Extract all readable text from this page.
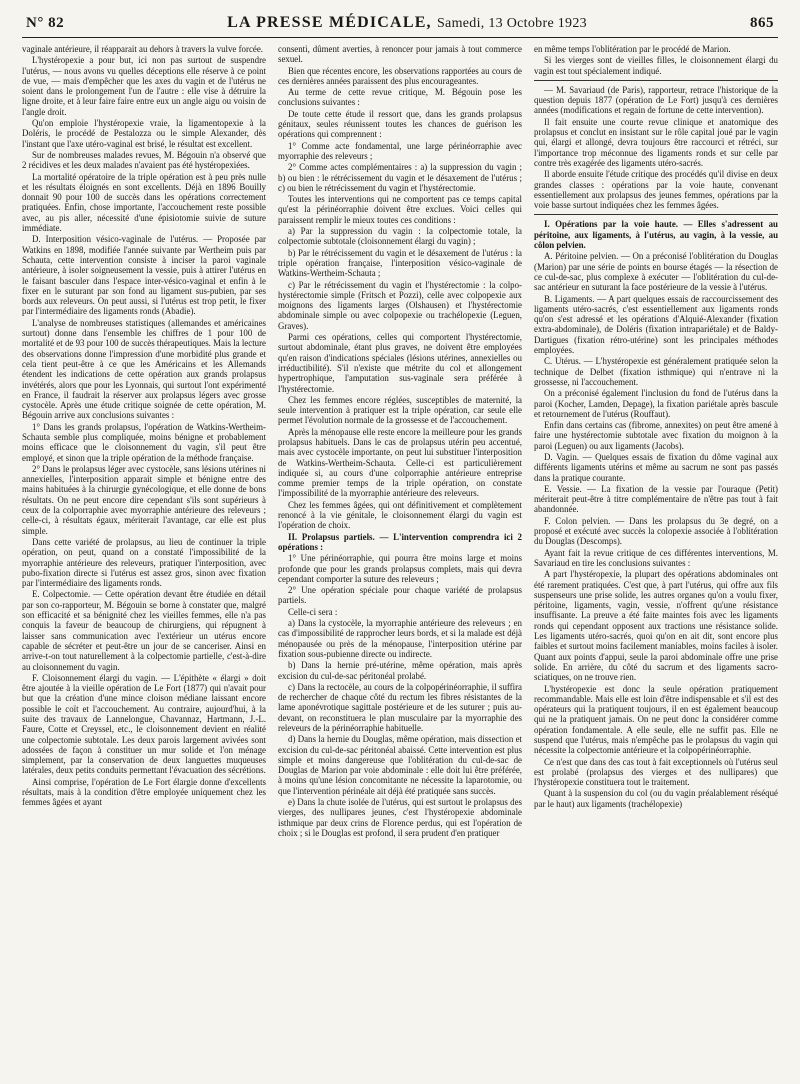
N° 82	LA PRESSE MÉDICALE, Samedi, 13 Octobre 1923	865

vaginale antérieure, il réapparait au dehors à travers la vulve forcée.

L'hystéropexie a pour but, ici non pas surtout de suspendre l'utérus, — nous avons vu quelles déceptions elle réserve à ce point de vue, — mais d'empêcher que les axes du vagin et de l'utérus ne soient dans le prolongement l'un de l'autre : elle vise à détruire la ligne droite, et à leur faire faire entre eux un angle aigu ou voisin de l'angle droit.

Qu'on emploie l'hystéropexie vraie, la ligamentopexie à la Doléris, le procédé de Pestalozza ou le simple Alexander, dès l'instant que l'axe utéro-vaginal est brisé, le résultat est excellent.

Sur de nombreuses malades revues, M. Bégouin n'a observé que 2 récidives et les deux malades n'avaient pas été hystéropexiées.

La mortalité opératoire de la triple opération est à peu près nulle et les résultats éloignés en sont excellents. Déjà en 1896 Bouilly donnait 90 pour 100 de succès dans les opérations correctement pratiquées. Enfin, chose importante, l'accouchement reste possible avec, au pis aller, nécessité d'une épisiotomie suivie de suture immédiate.

D. Interposition vésico-vaginale de l'utérus. — Proposée par Watkins en 1898, modifiée l'année suivante par Wertheim puis par Schauta, cette intervention consiste à inciser la paroi vaginale antérieure, à isoler soigneusement la vessie, puis à attirer l'utérus en le faisant basculer dans l'espace inter-vésico-vaginal et enfin à le fixer en le suturant par son fond au ligament sus-pubien, par ses bords aux releveurs. On peut aussi, si l'utérus est trop petit, le fixer par l'intermédiaire des ligaments ronds (Abadie).

L'analyse de nombreuses statistiques (allemandes et américaines surtout) donne dans l'ensemble les chiffres de 1 pour 100 de mortalité et de 93 pour 100 de succès thérapeutiques. Mais la lecture des observations donne l'impression d'une morbidité plus grande et cela tient peut-être à ce que les Américains et les Allemands étendent les indications de cette opération aux grands prolapsus invétérés, alors que pour les Lyonnais, qui surtout l'ont expérimenté en France, il faudrait la réserver aux prolapsus légers avec grosse cystocèle. Après une étude critique soignée de cette opération, M. Bégouin arrive aux conclusions suivantes :

1° Dans les grands prolapsus, l'opération de Watkins-Wertheim-Schauta semble plus compliquée, moins bénigne et probablement moins efficace que le cloisonnement du vagin, s'il peut être employé, et sinon que la triple opération de la méthode française.

2° Dans le prolapsus léger avec cystocèle, sans lésions utérines ni annexielles, l'interposition apparait simple et bénigne entre des mains habituées à la chirurgie gynécologique, et elle donne de bons résultats. On ne peut encore dire cependant s'ils sont supérieurs à ceux de la colporraphie avec myorraphie antérieure des releveurs ; celle-ci, à résultats égaux, mériterait l'avantage, car elle est plus simple.

Dans cette variété de prolapsus, au lieu de continuer la triple opération, on peut, quand on a constaté l'impossibilité de la myorraphie antérieure des releveurs, pratiquer l'interposition, avec pubo-fixation directe si l'utérus est assez gros, sinon avec fixation par l'intermédiaire des ligaments ronds.

E. Colpectomie. — Cette opération devant être étudiée en détail par son co-rapporteur, M. Bégouin se borne à constater que, malgré son efficacité et sa bénignité chez les vieilles femmes, elle n'a pas conquis la faveur de beaucoup de chirurgiens, qui répugnent à laisser sans communication avec l'extérieur un utérus encore capable de sécréter et peut-être un jour de se canceriser. Ainsi en arrive-t-on tout naturellement à la colpectomie partielle, c'est-à-dire au cloisonnement du vagin.

F. Cloisonnement élargi du vagin. — L'épithète « élargi » doit être ajoutée à la vieille opération de Le Fort (1877) qui n'avait pour but que la création d'une mince cloison médiane laissant encore possible le coït et l'accouchement. Au contraire, aujourd'hui, à la suite des travaux de Lannelongue, Chavannaz, Hartmann, J.-L. Faure, Cotte et Creyssel, etc., le cloisonnement devient en réalité une colpectomie subtotale. Les deux parois largement avivées sont adossées de façon à constituer un mur solide et l'on ménage simplement, par la conservation de deux languettes muqueuses latérales, deux petits conduits permettant l'évacuation des sécrétions.

Ainsi comprise, l'opération de Le Fort élargie donne d'excellents résultats, mais à la condition d'être employée uniquement chez les femmes âgées et ayant

consenti, dûment averties, à renoncer pour jamais à tout commerce sexuel.

Bien que récentes encore, les observations rapportées au cours de ces dernières années paraissent des plus encourageantes.

Au terme de cette revue critique, M. Bégouin pose les conclusions suivantes :

De toute cette étude il ressort que, dans les grands prolapsus génitaux, seules réunissent toutes les chances de guérison les opérations qui comprennent :

1° Comme acte fondamental, une large périnéorraphie avec myorraphie des releveurs ;

2° Comme actes complémentaires : a) la suppression du vagin ; b) ou bien : le rétrécissement du vagin et le désaxement de l'utérus ; c) ou bien le rétrécissement du vagin et l'hystérectomie.

Toutes les interventions qui ne comportent pas ce temps capital qu'est la périnéorraphie doivent être exclues. Voici celles qui paraissent remplir le mieux toutes ces conditions :

a) Par la suppression du vagin : la colpectomie totale, la colpectomie subtotale (cloisonnement élargi du vagin) ;

b) Par le rétrécissement du vagin et le désaxement de l'utérus : la triple opération française, l'interposition vésico-vaginale de Watkins-Wertheim-Schauta ;

c) Par le rétrécissement du vagin et l'hystérectomie : la colpo-hystérectomie simple (Fritsch et Pozzi), celle avec colpopexie aux moignons des ligaments larges (Olshausen) et l'hystérectomie abdominale simple ou avec colpopexie ou trachélopexie (Leguen, Graves).

Parmi ces opérations, celles qui comportent l'hystérectomie, surtout abdominale, étant plus graves, ne doivent être employées qu'en raison d'indications spéciales (lésions utérines, annexielles ou irréductibilité). S'il n'existe que métrite du col et allongement hypertrophique, l'amputation sus-vaginale sera préférée à l'hystérectomie.

Chez les femmes encore réglées, susceptibles de maternité, la seule intervention à pratiquer est la triple opération, car seule elle permet l'évolution normale de la grossesse et de l'accouchement.

Après la ménopause elle reste encore la meilleure pour les grands prolapsus habituels. Dans le cas de prolapsus utérin peu accentué, mais avec cystocèle importante, on peut lui substituer l'interposition de Watkins-Wertheim-Schauta. Celle-ci est particulièrement indiquée si, au cours d'une colporraphie antérieure entreprise comme premier temps de la triple opération, on constate l'impossibilité de la myorraphie antérieure des releveurs.

Chez les femmes âgées, qui ont définitivement et complètement renoncé à la vie génitale, le cloisonnement élargi du vagin est l'opération de choix.

II. Prolapsus partiels. — L'intervention comprendra ici 2 opérations :

1° Une périnéorraphie, qui pourra être moins large et moins profonde que pour les grands prolapsus complets, mais qui devra cependant comporter la suture des releveurs ;

2° Une opération spéciale pour chaque variété de prolapsus partiels.

Celle-ci sera :

a) Dans la cystocèle, la myorraphie antérieure des releveurs ; en cas d'impossibilité de rapprocher leurs bords, et si la malade est déjà ménopausée ou près de la ménopause, l'interposition utérine par fixation sous-pubienne directe ou indirecte.

b) Dans la hernie pré-utérine, même opération, mais après excision du cul-de-sac péritonéal prolabé.

c) Dans la rectocèle, au cours de la colpopérinéorraphie, il suffira de rechercher de chaque côté du rectum les fibres résistantes de la lame aponévrotique sagittale postérieure et de les suturer ; puis au-devant, on reconstituera le plan musculaire par la myorraphie des releveurs de la périnéorraphie habituelle.

d) Dans la hernie du Douglas, même opération, mais dissection et excision du cul-de-sac péritonéal abaissé. Cette intervention est plus simple et moins dangereuse que l'oblitération du cul-de-sac de Douglas de Marion par voie abdominale : elle doit lui être préférée, à moins qu'une lésion concomitante ne nécessite la laparotomie, ou que l'intervention périnéale ait déjà été pratiquée sans succès.

e) Dans la chute isolée de l'utérus, qui est surtout le prolapsus des vierges, des nullipares jeunes, c'est l'hystéropexie abdominale isthmique par deux crins de Florence perdus, qui est l'opération de choix ; si le Douglas est profond, il sera prudent d'en pratiquer

en même temps l'oblitération par le procédé de Marion.

Si les vierges sont de vieilles filles, le cloisonnement élargi du vagin est tout spécialement indiqué.

— M. Savariaud (de Paris), rapporteur, retrace l'historique de la question depuis 1877 (opération de Le Fort) jusqu'à ces dernières années (modifications et regain de fortune de cette intervention).

Il fait ensuite une courte revue clinique et anatomique des prolapsus et conclut en insistant sur le rôle capital joué par le vagin qui, élargi et allongé, devra toujours être raccourci et rétréci, sur l'importance trop méconnue des ligaments ronds et sur celle par contre très exagérée des ligaments utéro-sacrés.

Il aborde ensuite l'étude critique des procédés qu'il divise en deux grandes classes : opérations par la voie haute, convenant essentiellement aux prolapsus des jeunes femmes, opérations par la voie basse surtout indiquées chez les femmes âgées.

I. Opérations par la voie haute. — Elles s'adressent au péritoine, aux ligaments, à l'utérus, au vagin, à la vessie, au côlon pelvien.

A. Péritoine pelvien. — On a préconisé l'oblitération du Douglas (Marion) par une série de points en bourse étagés — la résection de ce cul-de-sac, plus complexe à exécuter — l'oblitération du cul-de-sac antérieur en suturant la face postérieure de la vessie à l'utérus.

B. Ligaments. — A part quelques essais de raccourcissement des ligaments utéro-sacrés, c'est essentiellement aux ligaments ronds qu'on s'est adressé et les opérations d'Alquié-Alexander (fixation extra-abdominale), de Doléris (fixation intrapariétale) et de Baldy-Dartigues (fixation rétro-utérine) sont les principales méthodes employées.

C. Utérus. — L'hystéropexie est généralement pratiquée selon la technique de Delbet (fixation isthmique) qui n'entrave ni la grossesse, ni l'accouchement.

On a préconisé également l'inclusion du fond de l'utérus dans la paroi (Kocher, Lamden, Depage), la fixation pariétale après bascule et retournement de l'utérus (Rouffaut).

Enfin dans certains cas (fibrome, annexites) on peut être amené à faire une hystérectomie subtotale avec fixation du moignon à la paroi (Leguen) ou aux ligaments (Jacobs).

D. Vagin. — Quelques essais de fixation du dôme vaginal aux différents ligaments utérins et même au sacrum ne sont pas passés dans la pratique courante.

E. Vessie. — La fixation de la vessie par l'ouraque (Petit) mériterait peut-être à titre complémentaire de n'être pas tout à fait abandonnée.

F. Colon pelvien. — Dans les prolapsus du 3e degré, on a proposé et exécuté avec succès la colopexie associée à l'oblitération du Douglas (Descomps).

Ayant fait la revue critique de ces différentes interventions, M. Savariaud en tire les conclusions suivantes :

A part l'hystéropexie, la plupart des opérations abdominales ont été rarement pratiquées. C'est que, à part l'utérus, qui offre aux fils suspenseurs une prise solide, les autres organes qu'on a voulu fixer, péritoine, ligaments, vagin, vessie, n'offrent qu'une résistance insuffisante. La preuve a été faite maintes fois avec les ligaments ronds qui cependant opposent aux tractions une résistance solide. Les ligaments utéro-sacrés, quoi qu'on en ait dit, sont encore plus faibles et surtout moins facilement maniables, moins faciles à isoler. Quant aux points d'appui, seule la paroi abdominale offre une prise solide. En arrière, du côté du sacrum et des ligaments sacro-sciatiques, on ne trouve rien.

L'hystéropexie est donc la seule opération pratiquement recommandable. Mais elle est loin d'être indispensable et s'il est des opérateurs qui la pratiquent toujours, il en est également beaucoup qui ne la pratiquent jamais. On ne peut donc la considérer comme opération fondamentale. A elle seule, elle ne suffit pas. Elle ne suspend que l'utérus, mais n'empêche pas le prolapsus du vagin qui nécessite la colpectomie antérieure et la colpopérinéorraphie.

Ce n'est que dans des cas tout à fait exceptionnels où l'utérus seul est prolabé (prolapsus des vierges et des nullipares) que l'hystéropexie constituera tout le traitement.

Quant à la suspension du col (ou du vagin préalablement réséqué par le haut) aux ligaments (trachélopexie)
